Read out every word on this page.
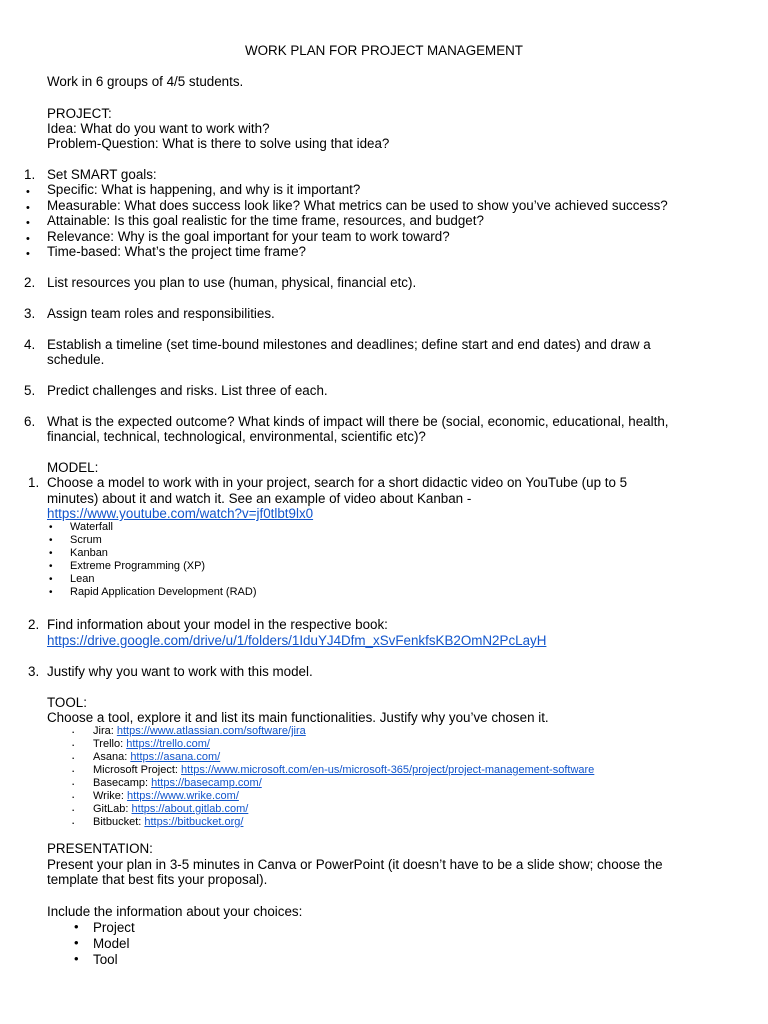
WORK PLAN FOR PROJECT MANAGEMENT
Work in 6 groups of 4/5 students.
PROJECT:
Idea: What do you want to work with?
Problem-Question: What is there to solve using that idea?
1. Set SMART goals:
•
Specific: What is happening, and why is it important?
•
Measurable: What does success look like? What metrics can be used to show you’ve achieved success?
•
Attainable: Is this goal realistic for the time frame, resources, and budget?
•
Relevance: Why is the goal important for your team to work toward?
•
Time-based: What’s the project time frame?
2. List resources you plan to use (human, physical, financial etc).
3. Assign team roles and responsibilities.
4. Establish a timeline (set time-bound milestones and deadlines; define start and end dates) and draw a
schedule.
5. Predict challenges and risks. List three of each.
6. What is the expected outcome? What kinds of impact will there be (social, economic, educational, health,
financial, technical, technological, environmental, scientific etc)?
MODEL:
1. Choose a model to work with in your project, search for a short didactic video on YouTube (up to 5
minutes) about it and watch it. See an example of video about Kanban -
https://www.youtube.com/watch?v=jf0tlbt9lx0
•
Waterfall
•
Scrum
•
Kanban
•
Extreme Programming (XP)
•
Lean
•
Rapid Application Development (RAD)
2. Find information about your model in the respective book:
https://drive.google.com/drive/u/1/folders/1IduYJ4Dfm_xSvFenkfsKB2OmN2PcLayH
3. Justify why you want to work with this model.
TOOL:
Choose a tool, explore it and list its main functionalities. Justify why you’ve chosen it.
·
Jira: https://www.atlassian.com/software/jira
·
Trello: https://trello.com/
·
Asana: https://asana.com/
·
Microsoft Project: https://www.microsoft.com/en-us/microsoft-365/project/project-management-software
·
Basecamp: https://basecamp.com/
·
Wrike: https://www.wrike.com/
·
GitLab: https://about.gitlab.com/
·
Bitbucket: https://bitbucket.org/
PRESENTATION:
Present your plan in 3-5 minutes in Canva or PowerPoint (it doesn’t have to be a slide show; choose the
template that best fits your proposal).
Include the information about your choices:
•
Project
•
Model
•
Tool
